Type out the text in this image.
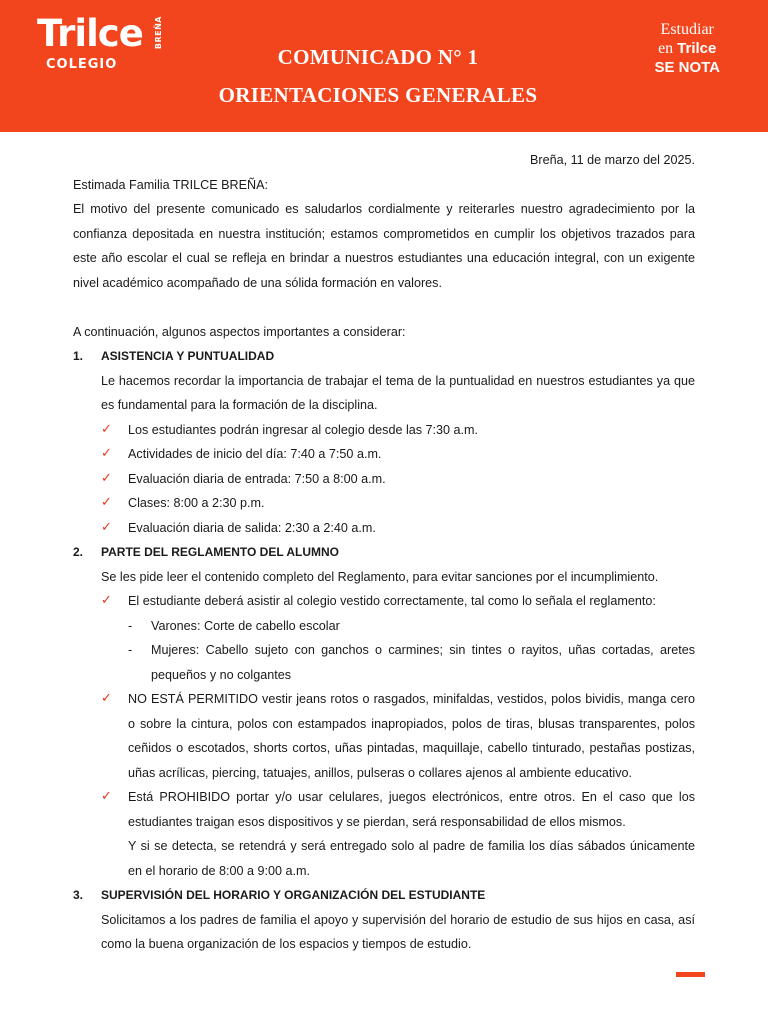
Trilce
COLEGIO
BREÑA
COMUNICADO N° 1
ORIENTACIONES GENERALES
Estudiar
en Trilce
SE NOTA
Breña, 11 de marzo del 2025.
Estimada Familia TRILCE BREÑA:

El motivo del presente comunicado es saludarlos cordialmente y reiterarles nuestro agradecimiento por la confianza depositada en nuestra institución; estamos comprometidos en cumplir los objetivos trazados para este año escolar el cual se refleja en brindar a nuestros estudiantes una educación integral, con un exigente nivel académico acompañado de una sólida formación en valores.

A continuación, algunos aspectos importantes a considerar:
1.	ASISTENCIA Y PUNTUALIDAD
Le hacemos recordar la importancia de trabajar el tema de la puntualidad en nuestros estudiantes ya que es fundamental para la formación de la disciplina.
✓	Los estudiantes podrán ingresar al colegio desde las 7:30 a.m.
✓	Actividades de inicio del día: 7:40 a 7:50 a.m.
✓	Evaluación diaria de entrada: 7:50 a 8:00 a.m.
✓	Clases: 8:00 a 2:30 p.m.
✓	Evaluación diaria de salida: 2:30 a 2:40 a.m.
2.	PARTE DEL REGLAMENTO DEL ALUMNO
Se les pide leer el contenido completo del Reglamento, para evitar sanciones por el incumplimiento.
✓	El estudiante deberá asistir al colegio vestido correctamente, tal como lo señala el reglamento:
-	Varones: Corte de cabello escolar
-	Mujeres: Cabello sujeto con ganchos o carmines; sin tintes o rayitos, uñas cortadas, aretes pequeños y no colgantes
✓	NO ESTÁ PERMITIDO vestir jeans rotos o rasgados, minifaldas, vestidos, polos bividis, manga cero o sobre la cintura, polos con estampados inapropiados, polos de tiras, blusas transparentes, polos ceñidos o escotados, shorts cortos, uñas pintadas, maquillaje, cabello tinturado, pestañas postizas, uñas acrílicas, piercing, tatuajes, anillos, pulseras o collares ajenos al ambiente educativo.
✓	Está PROHIBIDO portar y/o usar celulares, juegos electrónicos, entre otros. En el caso que los estudiantes traigan esos dispositivos y se pierdan, será responsabilidad de ellos mismos.
Y si se detecta, se retendrá y será entregado solo al padre de familia los días sábados únicamente en el horario de 8:00 a 9:00 a.m.
3.	SUPERVISIÓN DEL HORARIO Y ORGANIZACIÓN DEL ESTUDIANTE
Solicitamos a los padres de familia el apoyo y supervisión del horario de estudio de sus hijos en casa, así como la buena organización de los espacios y tiempos de estudio.
